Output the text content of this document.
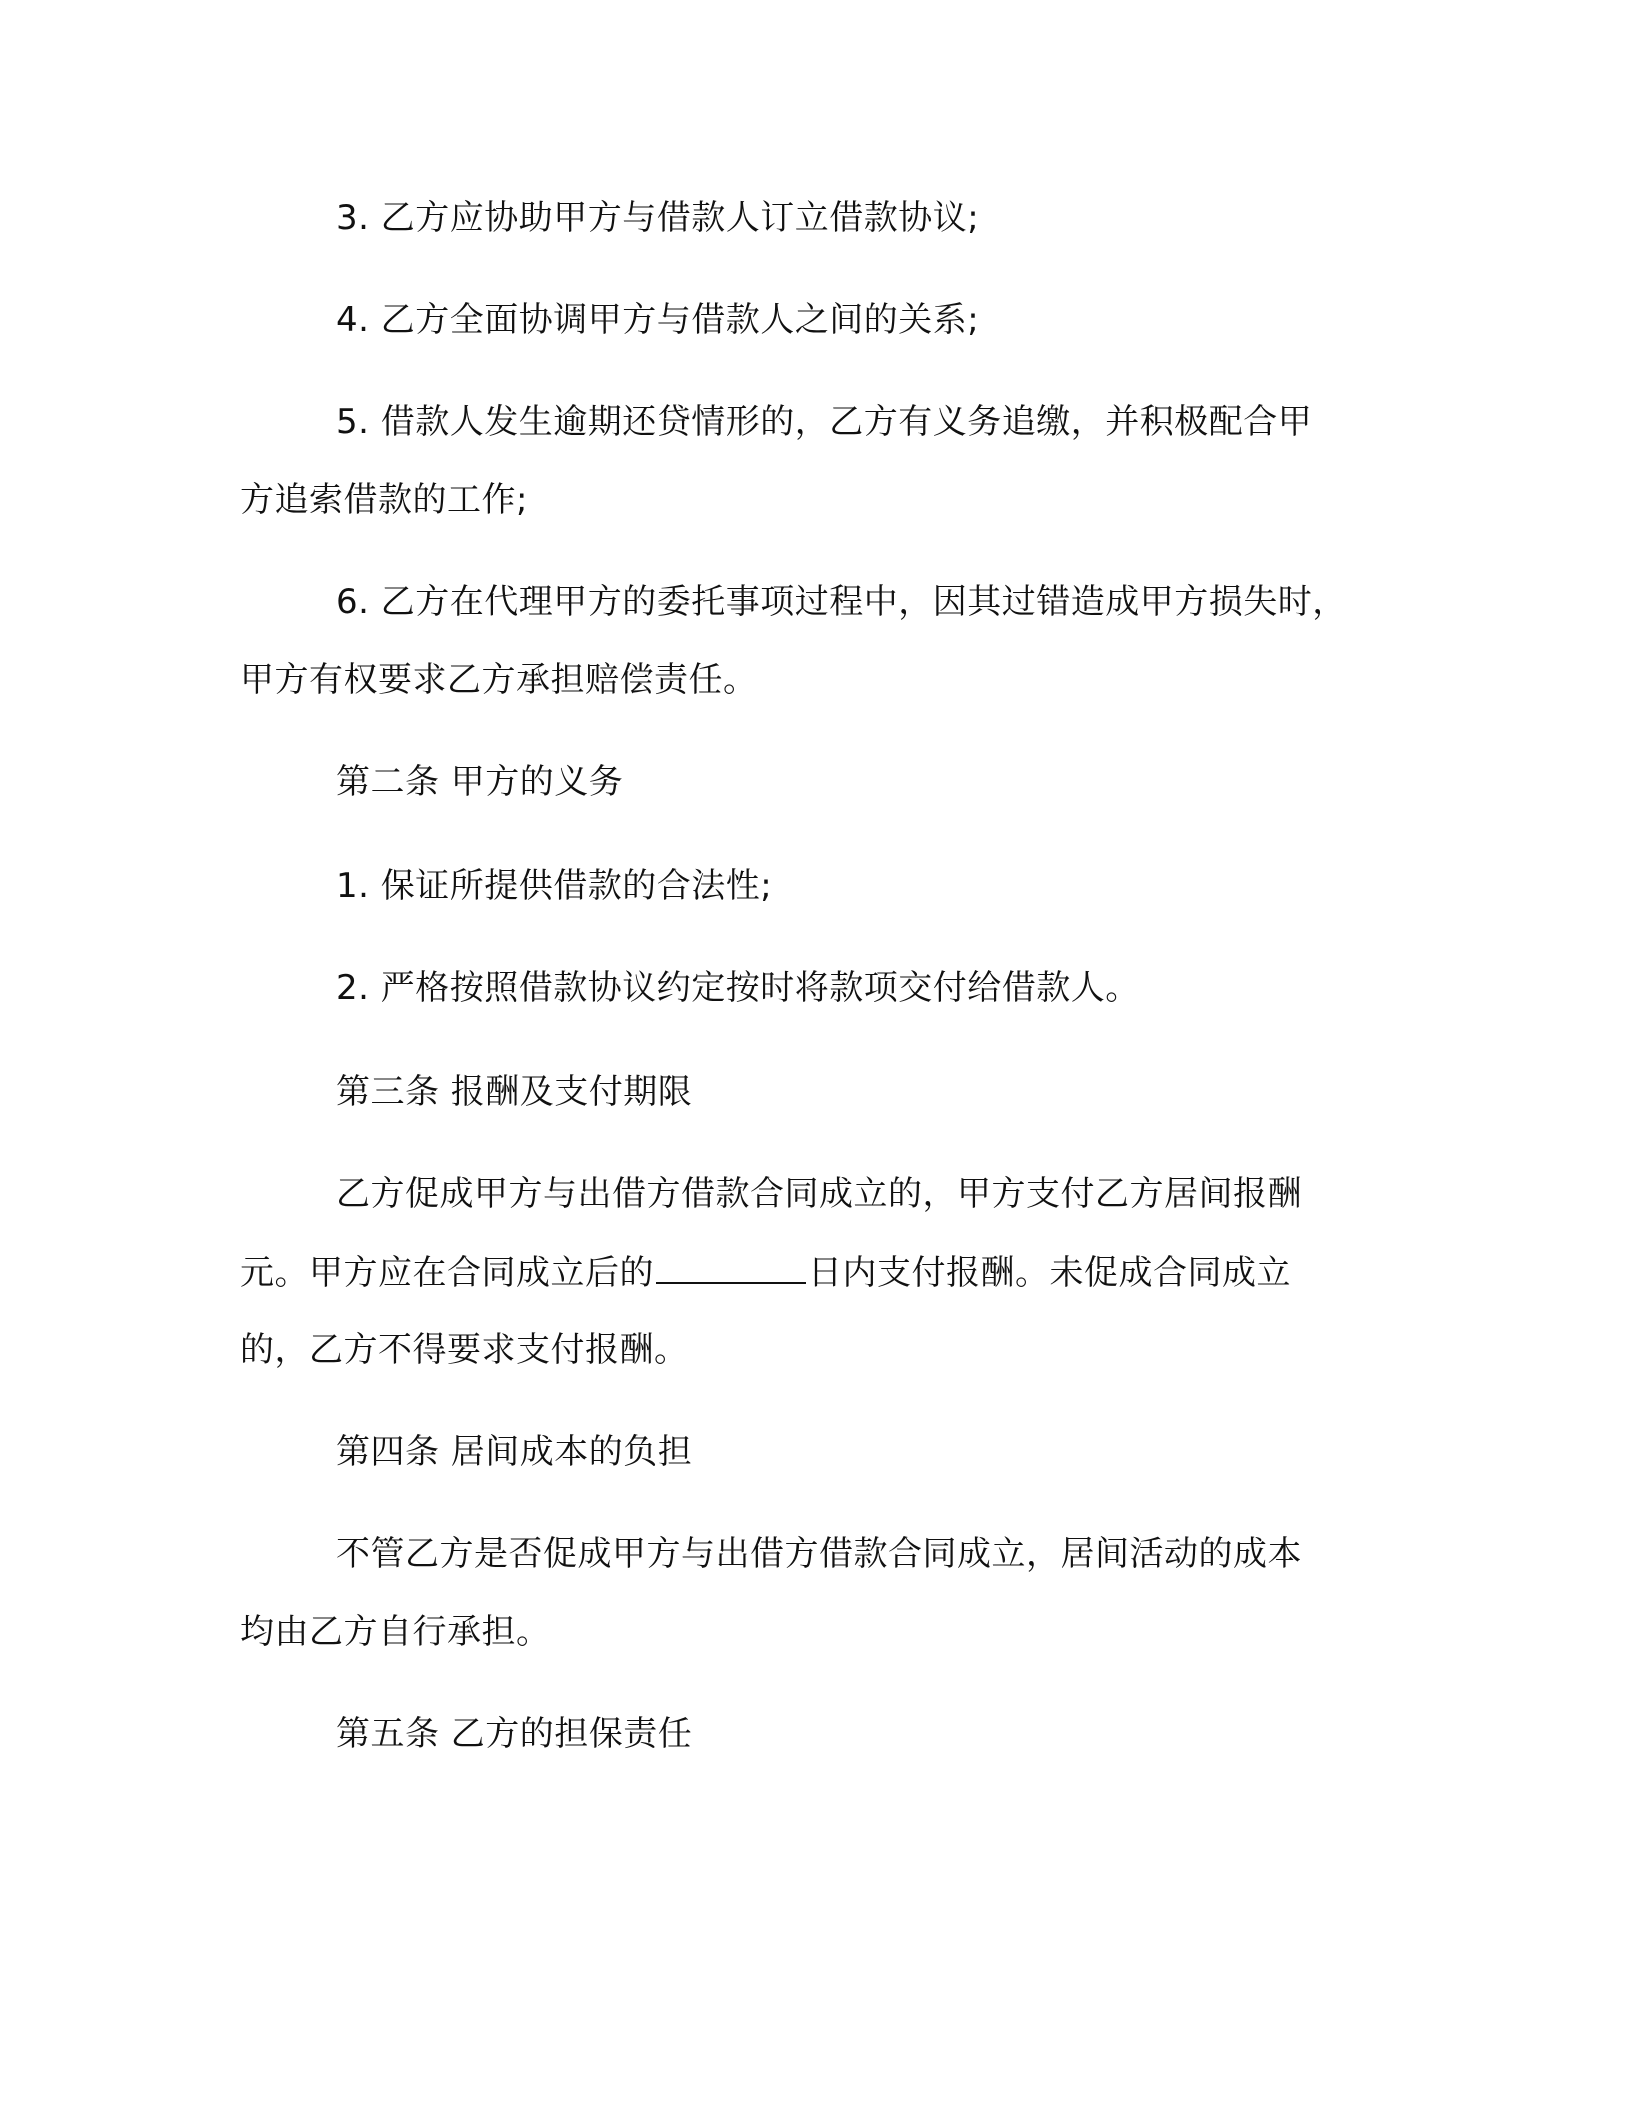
3. 乙方应协助甲方与借款人订立借款协议;

4. 乙方全面协调甲方与借款人之间的关系;

5. 借款人发生逾期还贷情形的，乙方有义务追缴，并积极配合甲

方追索借款的工作;

6. 乙方在代理甲方的委托事项过程中，因其过错造成甲方损失时，

甲方有权要求乙方承担赔偿责任。

第二条 甲方的义务

1. 保证所提供借款的合法性;

2. 严格按照借款协议约定按时将款项交付给借款人。

第三条 报酬及支付期限

乙方促成甲方与出借方借款合同成立的，甲方支付乙方居间报酬

元。甲方应在合同成立后的	日内支付报酬。未促成合同成立

的，乙方不得要求支付报酬。

第四条 居间成本的负担

不管乙方是否促成甲方与出借方借款合同成立，居间活动的成本

均由乙方自行承担。

第五条 乙方的担保责任
